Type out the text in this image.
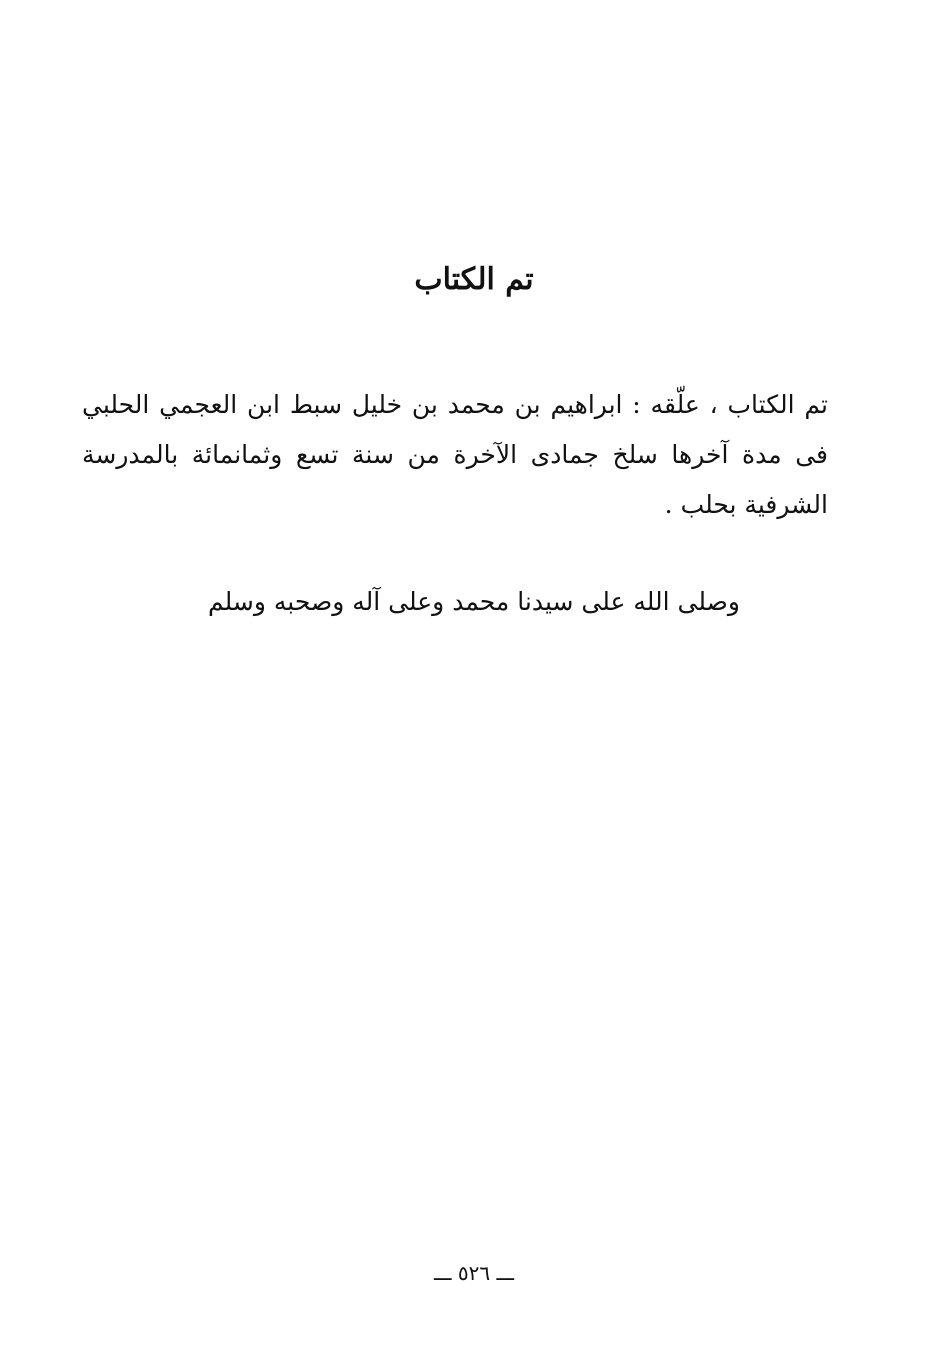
تم الكتاب
تم الكتاب ، علّقه : ابراهيم بن محمد بن خليل سبط ابن العجمي الحلبي فى مدة آخرها سلخ جمادى الآخرة من سنة تسع وثمانمائة بالمدرسة الشرفية بحلب .
وصلى الله على سيدنا محمد وعلى آله وصحبه وسلم
ـــ ٥٢٦ ـــ
